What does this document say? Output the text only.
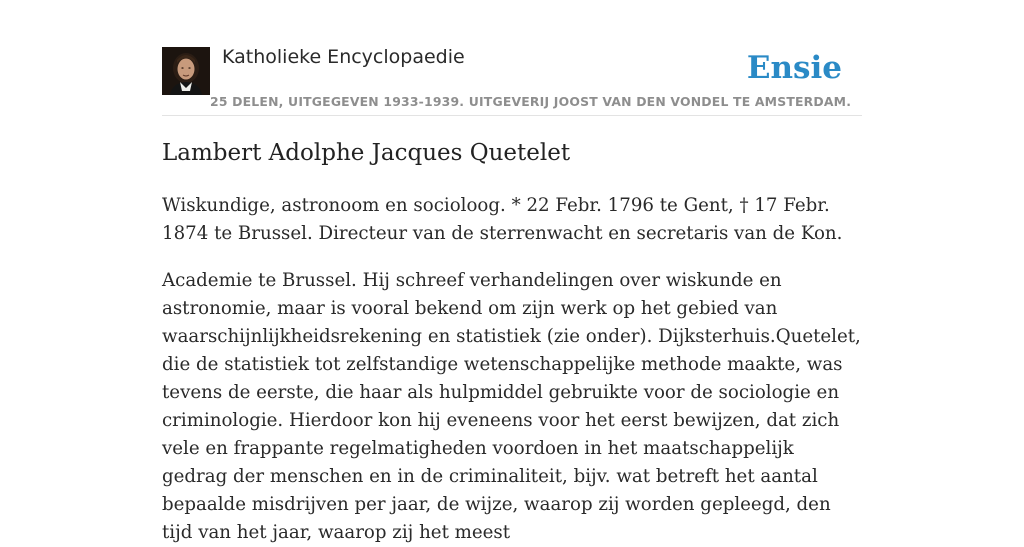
Katholieke Encyclopaedie
25 DELEN, UITGEGEVEN 1933-1939. UITGEVERIJ JOOST VAN DEN VONDEL TE AMSTERDAM.
Ensie
Lambert Adolphe Jacques Quetelet

Wiskundige, astronoom en socioloog. * 22 Febr. 1796 te Gent, † 17 Febr. 1874 te Brussel. Directeur van de sterrenwacht en secretaris van de Kon.

Academie te Brussel. Hij schreef verhandelingen over wiskunde en astronomie, maar is vooral bekend om zijn werk op het gebied van waarschijnlijkheidsrekening en statistiek (zie onder). Dijksterhuis.Quetelet, die de statistiek tot zelfstandige wetenschappelijke methode maakte, was tevens de eerste, die haar als hulpmiddel gebruikte voor de sociologie en criminologie. Hierdoor kon hij eveneens voor het eerst bewijzen, dat zich vele en frappante regelmatigheden voordoen in het maatschappelijk gedrag der menschen en in de criminaliteit, bijv. wat betreft het aantal bepaalde misdrijven per jaar, de wijze, waarop zij worden gepleegd, den tijd van het jaar, waarop zij het meest
